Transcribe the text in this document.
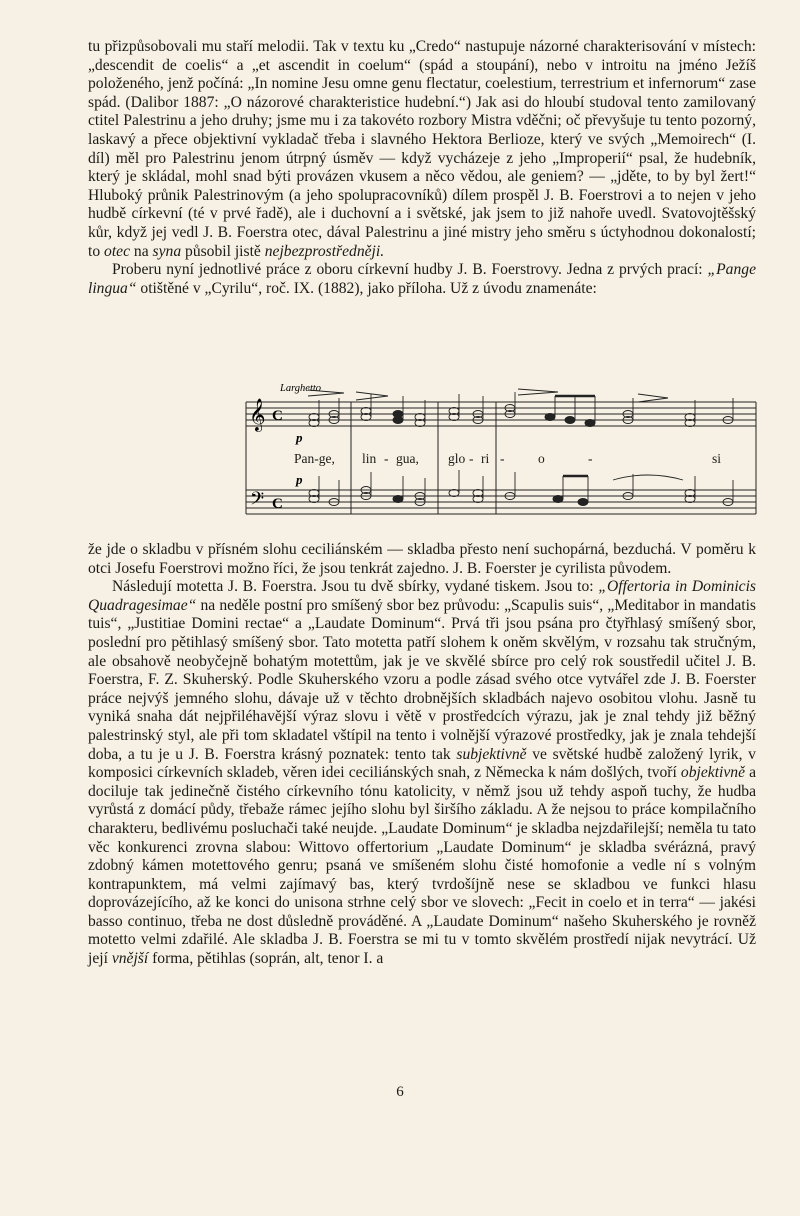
tu přizpůsobovali mu staří melodii. Tak v textu ku „Credo“ nastupuje názorné charakterisování v místech: „descendit de coelis“ a „et ascendit in coelum“ (spád a stoupání), nebo v introitu na jméno Ježíš položeného, jenž počíná: „In nomine Jesu omne genu flectatur, coelestium, terrestrium et infernorum“ zase spád. (Dalibor 1887: „O názorové charakteristice hudební.“) Jak asi do hloubí studoval tento zamilovaný ctitel Palestrinu a jeho druhy; jsme mu i za takovéto rozbory Mistra vděčni; oč převyšuje tu tento pozorný, laskavý a přece objektivní vykladač třeba i slavného Hektora Berlioze, který ve svých „Memoirech“ (I. díl) měl pro Palestrinu jenom útrpný úsměv — když vycházeje z jeho „Improperií“ psal, že hudebník, který je skládal, mohl snad býti provázen vkusem a něco vědou, ale geniem? — „jděte, to by byl žert!“ Hluboký průnik Palestrinovým (a jeho spolupracovníků) dílem prospěl J. B. Foerstrovi a to nejen v jeho hudbě církevní (té v prvé řadě), ale i duchovní a i světské, jak jsem to již nahoře uvedl. Svatovojtěšský kůr, když jej vedl J. B. Foerstra otec, dával Palestrinu a jiné mistry jeho směru s úctyhodnou dokonalostí; to otec na syna působil jistě nejbezprostředněji.

Proberu nyní jednotlivé práce z oboru církevní hudby J. B. Foerstrovy. Jedna z prvých prací: „Pange lingua“ otištěné v „Cyrilu“, roč. IX. (1882), jako příloha. Už z úvodu znamenáte:

Larghetto
𝄞
𝄢
C
C
p
p
Pan-ge, lin - gua, glo - ri - o	-	si

že jde o skladbu v přísném slohu ceciliánském — skladba přesto není suchopárná, bezduchá. V poměru k otci Josefu Foerstrovi možno říci, že jsou tenkrát zajedno. J. B. Foerster je cyrilista původem.

Následují motetta J. B. Foerstra. Jsou tu dvě sbírky, vydané tiskem. Jsou to: „Offertoria in Dominicis Quadragesimae“ na neděle postní pro smíšený sbor bez průvodu: „Scapulis suis“, „Meditabor in mandatis tuis“, „Justitiae Domini rectae“ a „Laudate Dominum“. Prvá tři jsou psána pro čtyřhlasý smíšený sbor, poslední pro pětihlasý smíšený sbor. Tato motetta patří slohem k oněm skvělým, v rozsahu tak stručným, ale obsahově neobyčejně bohatým motettům, jak je ve skvělé sbírce pro celý rok soustředil učitel J. B. Foerstra, F. Z. Skuherský. Podle Skuherského vzoru a podle zásad svého otce vytvářel zde J. B. Foerster práce nejvýš jemného slohu, dávaje už v těchto drobnějších skladbách najevo osobitou vlohu. Jasně tu vyniká snaha dát nejpřiléhavější výraz slovu i větě v prostředcích výrazu, jak je znal tehdy již běžný palestrinský styl, ale při tom skladatel vštípil na tento i volnější výrazové prostředky, jak je znala tehdejší doba, a tu je u J. B. Foerstra krásný poznatek: tento tak subjektivně ve světské hudbě založený lyrik, v komposici církevních skladeb, věren idei ceciliánských snah, z Německa k nám došlých, tvoří objektivně a dociluje tak jedinečně čistého církevního tónu katolicity, v němž jsou už tehdy aspoň tuchy, že hudba vyrůstá z domácí půdy, třebaže rámec jejího slohu byl širšího základu. A že nejsou to práce kompilačního charakteru, bedlivému posluchači také neujde. „Laudate Dominum“ je skladba nejzdařilejší; neměla tu tato věc konkurenci zrovna slabou: Wittovo offertorium „Laudate Dominum“ je skladba svérázná, pravý zdobný kámen motettového genru; psaná ve smíšeném slohu čisté homofonie a vedle ní s volným kontrapunktem, má velmi zajímavý bas, který tvrdošíjně nese se skladbou ve funkci hlasu doprovázejícího, až ke konci do unisona strhne celý sbor ve slovech: „Fecit in coelo et in terra“ — jakési basso continuo, třeba ne dost důsledně prováděné. A „Laudate Dominum“ našeho Skuherského je rovněž motetto velmi zdařilé. Ale skladba J. B. Foerstra se mi tu v tomto skvělém prostředí nijak nevytrácí. Už její vnější forma, pětihlas (soprán, alt, tenor I. a

6
